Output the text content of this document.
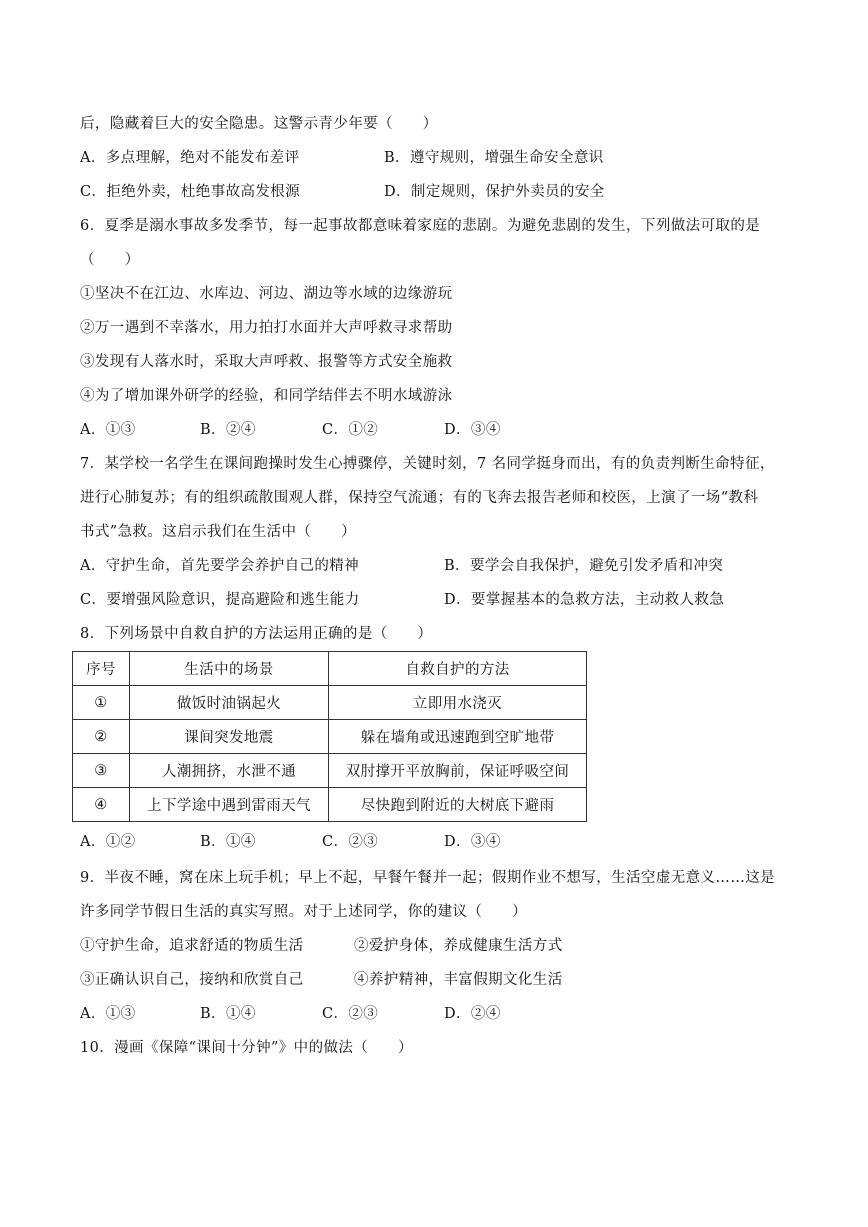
后，隐藏着巨大的安全隐患。这警示青少年要（　　）
A．多点理解，绝对不能发布差评	B．遵守规则，增强生命安全意识
C．拒绝外卖，杜绝事故高发根源	D．制定规则，保护外卖员的安全
6．夏季是溺水事故多发季节，每一起事故都意味着家庭的悲剧。为避免悲剧的发生，下列做法可取的是
（　　）
①坚决不在江边、水库边、河边、湖边等水域的边缘游玩
②万一遇到不幸落水，用力拍打水面并大声呼救寻求帮助
③发现有人落水时，采取大声呼救、报警等方式安全施救
④为了增加课外研学的经验，和同学结伴去不明水域游泳
A．①③	B．②④	C．①②	D．③④
7．某学校一名学生在课间跑操时发生心搏骤停，关键时刻，7 名同学挺身而出，有的负责判断生命特征，
进行心肺复苏；有的组织疏散围观人群，保持空气流通；有的飞奔去报告老师和校医，上演了一场“教科
书式”急救。这启示我们在生活中（　　）
A．守护生命，首先要学会养护自己的精神	B．要学会自我保护，避免引发矛盾和冲突
C．要增强风险意识，提高避险和逃生能力	D．要掌握基本的急救方法，主动救人救急
8．下列场景中自救自护的方法运用正确的是（　　）
序号	生活中的场景	自救自护的方法
①	做饭时油锅起火	立即用水浇灭
②	课间突发地震	躲在墙角或迅速跑到空旷地带
③	人潮拥挤，水泄不通	双肘撑开平放胸前，保证呼吸空间
④	上下学途中遇到雷雨天气	尽快跑到附近的大树底下避雨
A．①②	B．①④	C．②③	D．③④
9．半夜不睡，窝在床上玩手机；早上不起，早餐午餐并一起；假期作业不想写，生活空虚无意义……这是
许多同学节假日生活的真实写照。对于上述同学，你的建议（　　）
①守护生命，追求舒适的物质生活	②爱护身体，养成健康生活方式
③正确认识自己，接纳和欣赏自己	④养护精神，丰富假期文化生活
A．①③	B．①④	C．②③	D．②④
10．漫画《保障“课间十分钟”》中的做法（　　）
